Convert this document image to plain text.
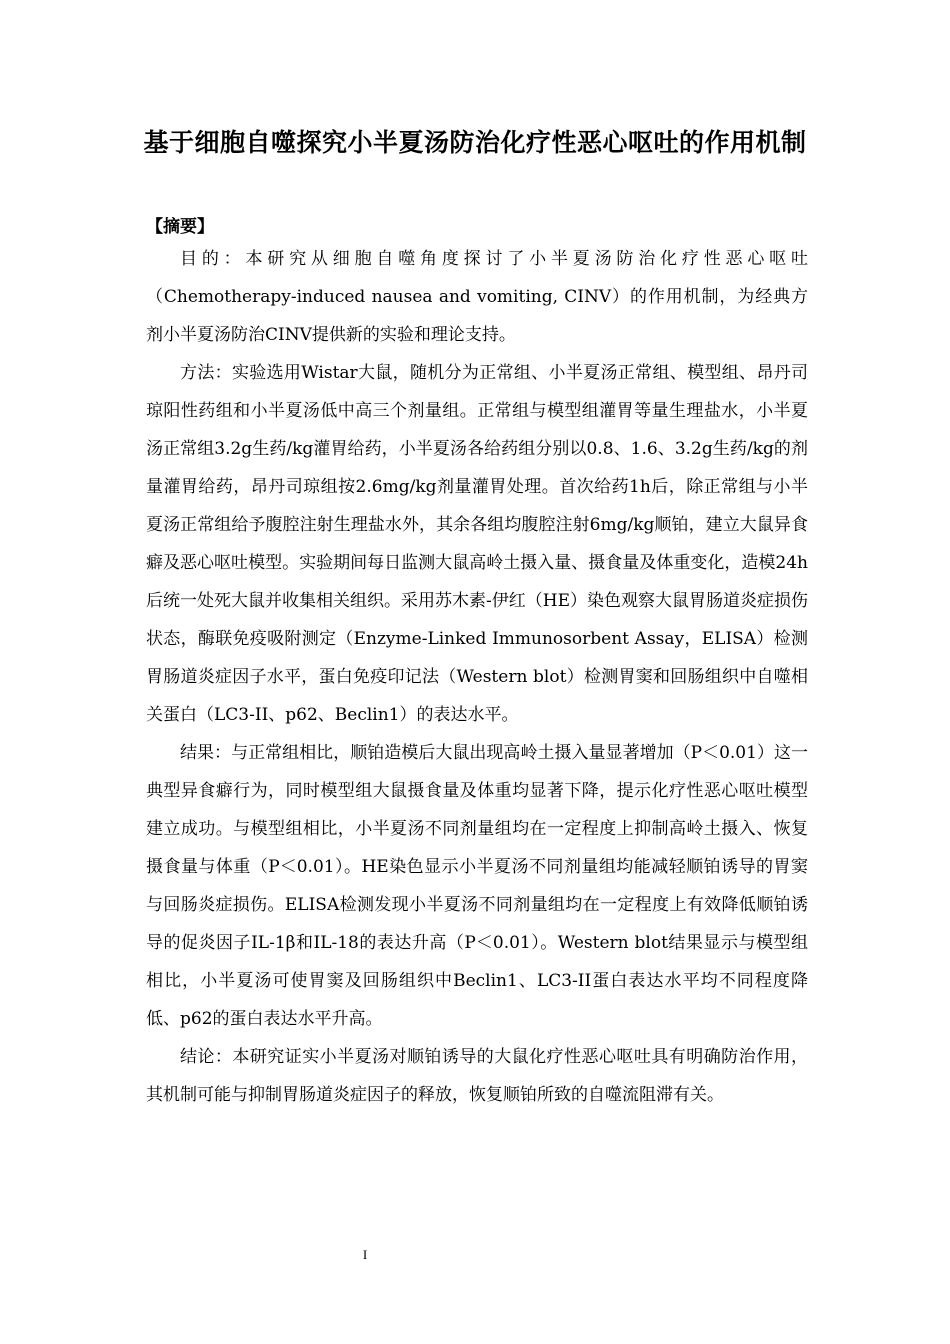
基于细胞自噬探究小半夏汤防治化疗性恶心呕吐的作用机制
【摘要】

目的：本研究从细胞自噬角度探讨了小半夏汤防治化疗性恶心呕吐（Chemotherapy-induced nausea and vomiting, CINV）的作用机制，为经典方剂小半夏汤防治CINV提供新的实验和理论支持。

方法：实验选用Wistar大鼠，随机分为正常组、小半夏汤正常组、模型组、昂丹司琼阳性药组和小半夏汤低中高三个剂量组。正常组与模型组灌胃等量生理盐水，小半夏汤正常组3.2g生药/kg灌胃给药，小半夏汤各给药组分别以0.8、1.6、3.2g生药/kg的剂量灌胃给药，昂丹司琼组按2.6mg/kg剂量灌胃处理。首次给药1h后，除正常组与小半夏汤正常组给予腹腔注射生理盐水外，其余各组均腹腔注射6mg/kg顺铂，建立大鼠异食癖及恶心呕吐模型。实验期间每日监测大鼠高岭土摄入量、摄食量及体重变化，造模24h后统一处死大鼠并收集相关组织。采用苏木素-伊红（HE）染色观察大鼠胃肠道炎症损伤状态，酶联免疫吸附测定（Enzyme-Linked Immunosorbent Assay，ELISA）检测胃肠道炎症因子水平，蛋白免疫印记法（Western blot）检测胃窦和回肠组织中自噬相关蛋白（LC3-II、p62、Beclin1）的表达水平。

结果：与正常组相比，顺铂造模后大鼠出现高岭土摄入量显著增加（P＜0.01）这一典型异食癖行为，同时模型组大鼠摄食量及体重均显著下降，提示化疗性恶心呕吐模型建立成功。与模型组相比，小半夏汤不同剂量组均在一定程度上抑制高岭土摄入、恢复摄食量与体重（P＜0.01）。HE染色显示小半夏汤不同剂量组均能减轻顺铂诱导的胃窦与回肠炎症损伤。ELISA检测发现小半夏汤不同剂量组均在一定程度上有效降低顺铂诱导的促炎因子IL-1β和IL-18的表达升高（P＜0.01）。Western blot结果显示与模型组相比，小半夏汤可使胃窦及回肠组织中Beclin1、LC3-II蛋白表达水平均不同程度降低、p62的蛋白表达水平升高。

结论：本研究证实小半夏汤对顺铂诱导的大鼠化疗性恶心呕吐具有明确防治作用，其机制可能与抑制胃肠道炎症因子的释放，恢复顺铂所致的自噬流阻滞有关。

I
